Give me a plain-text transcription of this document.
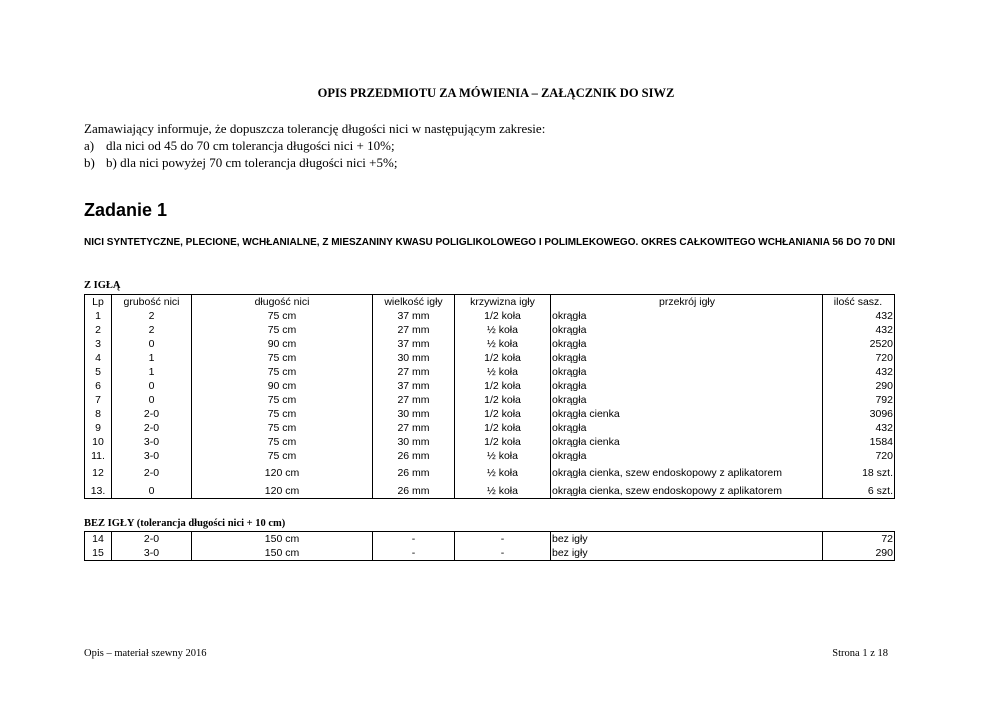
OPIS PRZEDMIOTU ZA MÓWIENIA – ZAŁĄCZNIK DO SIWZ
Zamawiający informuje, że dopuszcza tolerancję długości nici w następującym zakresie:
a) dla nici od 45 do 70 cm tolerancja długości nici + 10%;
b) b) dla nici powyżej 70 cm tolerancja długości nici +5%;
Zadanie 1
NICI SYNTETYCZNE, PLECIONE, WCHŁANIALNE, Z MIESZANINY KWASU POLIGLIKOLOWEGO I POLIMLEKOWEGO. OKRES CAŁKOWITEGO WCHŁANIANIA 56 DO 70 DNI
Z IGŁĄ
Lp	grubość nici	długość nici	wielkość igły	krzywizna igły	przekrój igły	ilość sasz.
1	2	75 cm	37 mm	1/2 koła	okrągła	432
2	2	75 cm	27 mm	½ koła	okrągła	432
3	0	90 cm	37 mm	½ koła	okrągła	2520
4	1	75 cm	30 mm	1/2 koła	okrągła	720
5	1	75 cm	27 mm	½ koła	okrągła	432
6	0	90 cm	37 mm	1/2 koła	okrągła	290
7	0	75 cm	27 mm	1/2 koła	okrągła	792
8	2-0	75 cm	30 mm	1/2 koła	okrągła cienka	3096
9	2-0	75 cm	27 mm	1/2 koła	okrągła	432
10	3-0	75 cm	30 mm	1/2 koła	okrągła cienka	1584
11.	3-0	75 cm	26 mm	½ koła	okrągła	720
12	2-0	120 cm	26 mm	½ koła	okrągła cienka, szew endoskopowy z aplikatorem	18 szt.
13.	0	120 cm	26 mm	½ koła	okrągła cienka, szew endoskopowy z aplikatorem	6 szt.
BEZ IGŁY (tolerancja długości nici + 10 cm)
14	2-0	150 cm	-	-	bez igły	72
15	3-0	150 cm	-	-	bez igły	290
Opis – materiał szewny 2016	Strona 1 z 18
